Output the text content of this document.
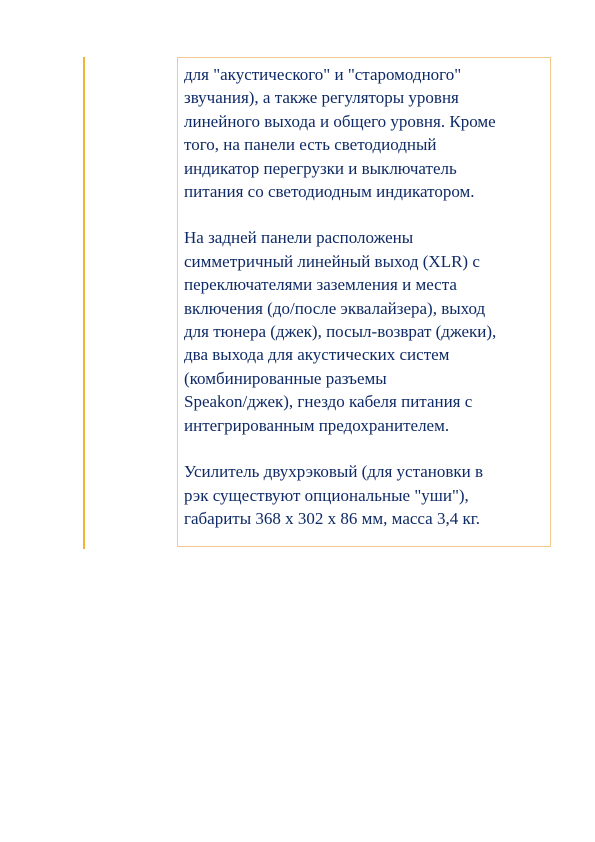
для "акустического" и "старомодного"
звучания), а также регуляторы уровня
линейного выхода и общего уровня. Кроме
того, на панели есть светодиодный
индикатор перегрузки и выключатель
питания со светодиодным индикатором.

На задней панели расположены
симметричный линейный выход (XLR) с
переключателями заземления и места
включения (до/после эквалайзера), выход
для тюнера (джек), посыл-возврат (джеки),
два выхода для акустических систем
(комбинированные разъемы
Speakon/джек), гнездо кабеля питания с
интегрированным предохранителем.

Усилитель двухрэковый (для установки в
рэк существуют опциональные "уши"),
габариты 368 х 302 х 86 мм, масса 3,4 кг.
